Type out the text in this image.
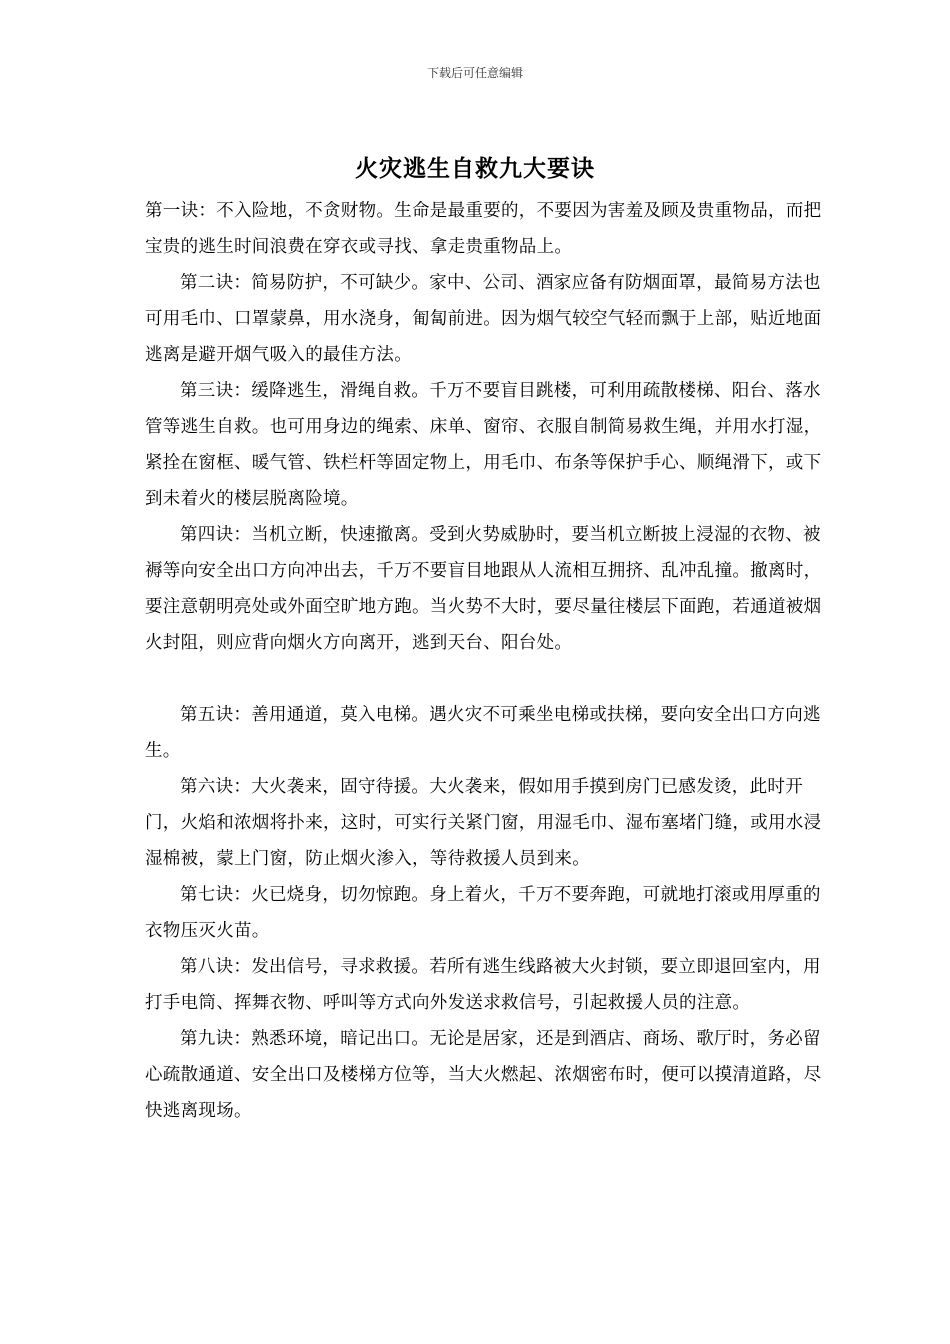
下载后可任意编辑
火灾逃生自救九大要诀

第一诀：不入险地，不贪财物。生命是最重要的，不要因为害羞及顾及贵重物品，而把宝贵的逃生时间浪费在穿衣或寻找、拿走贵重物品上。

第二诀：简易防护，不可缺少。家中、公司、酒家应备有防烟面罩，最简易方法也可用毛巾、口罩蒙鼻，用水浇身，匍匐前进。因为烟气较空气轻而飘于上部，贴近地面逃离是避开烟气吸入的最佳方法。

第三诀：缓降逃生，滑绳自救。千万不要盲目跳楼，可利用疏散楼梯、阳台、落水管等逃生自救。也可用身边的绳索、床单、窗帘、衣服自制简易救生绳，并用水打湿，紧拴在窗框、暖气管、铁栏杆等固定物上，用毛巾、布条等保护手心、顺绳滑下，或下到未着火的楼层脱离险境。

第四诀：当机立断，快速撤离。受到火势威胁时，要当机立断披上浸湿的衣物、被褥等向安全出口方向冲出去，千万不要盲目地跟从人流相互拥挤、乱冲乱撞。撤离时，要注意朝明亮处或外面空旷地方跑。当火势不大时，要尽量往楼层下面跑，若通道被烟火封阻，则应背向烟火方向离开，逃到天台、阳台处。

第五诀：善用通道，莫入电梯。遇火灾不可乘坐电梯或扶梯，要向安全出口方向逃生。

第六诀：大火袭来，固守待援。大火袭来，假如用手摸到房门已感发烫，此时开门，火焰和浓烟将扑来，这时，可实行关紧门窗，用湿毛巾、湿布塞堵门缝，或用水浸湿棉被，蒙上门窗，防止烟火渗入，等待救援人员到来。

第七诀：火已烧身，切勿惊跑。身上着火，千万不要奔跑，可就地打滚或用厚重的衣物压灭火苗。

第八诀：发出信号，寻求救援。若所有逃生线路被大火封锁，要立即退回室内，用打手电筒、挥舞衣物、呼叫等方式向外发送求救信号，引起救援人员的注意。

第九诀：熟悉环境，暗记出口。无论是居家，还是到酒店、商场、歌厅时，务必留心疏散通道、安全出口及楼梯方位等，当大火燃起、浓烟密布时，便可以摸清道路，尽快逃离现场。
